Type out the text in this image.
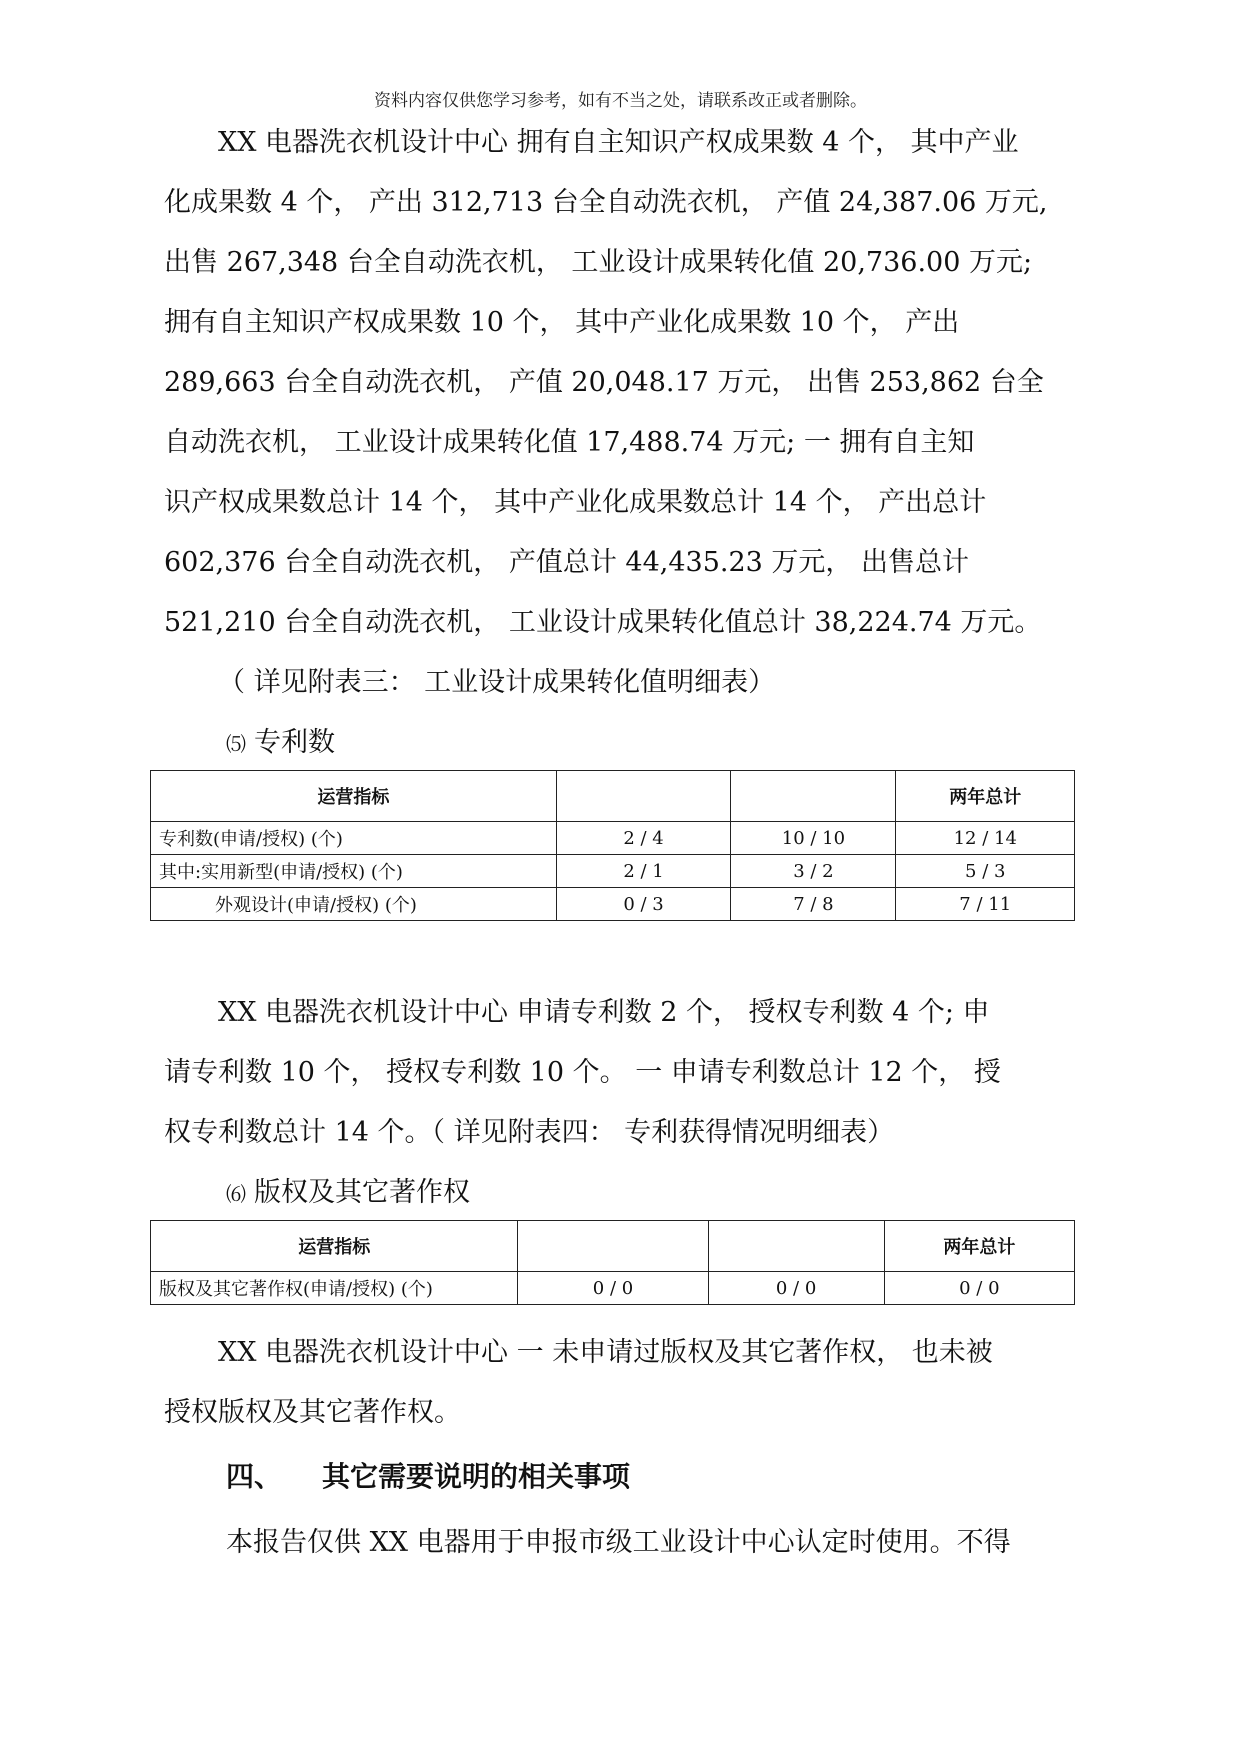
资料内容仅供您学习参考，如有不当之处，请联系改正或者删除。
XX 电器洗衣机设计中心 拥有自主知识产权成果数 4 个， 其中产业
化成果数 4 个， 产出 312,713 台全自动洗衣机， 产值 24,387.06 万元,
出售 267,348 台全自动洗衣机， 工业设计成果转化值 20,736.00 万元;
拥有自主知识产权成果数 10 个， 其中产业化成果数 10 个， 产出
289,663 台全自动洗衣机， 产值 20,048.17 万元， 出售 253,862 台全
自动洗衣机， 工业设计成果转化值 17,488.74 万元; 一 拥有自主知
识产权成果数总计 14 个， 其中产业化成果数总计 14 个， 产出总计
602,376 台全自动洗衣机， 产值总计 44,435.23 万元， 出售总计
521,210 台全自动洗衣机， 工业设计成果转化值总计 38,224.74 万元。
（ 详见附表三： 工业设计成果转化值明细表）
⑸ 专利数
运营指标			两年总计
专利数(申请/授权) (个)	2 / 4	10 / 10	12 / 14
其中:实用新型(申请/授权) (个)	2 / 1	3 / 2	5 / 3
外观设计(申请/授权) (个)	0 / 3	7 / 8	7 / 11
XX 电器洗衣机设计中心 申请专利数 2 个， 授权专利数 4 个; 申
请专利数 10 个， 授权专利数 10 个。 一 申请专利数总计 12 个， 授
权专利数总计 14 个。（ 详见附表四： 专利获得情况明细表）
⑹ 版权及其它著作权
运营指标			两年总计
版权及其它著作权(申请/授权) (个)	0 / 0	0 / 0	0 / 0
XX 电器洗衣机设计中心 一 未申请过版权及其它著作权， 也未被
授权版权及其它著作权。
四、 其它需要说明的相关事项
本报告仅供 XX 电器用于申报市级工业设计中心认定时使用。不得
